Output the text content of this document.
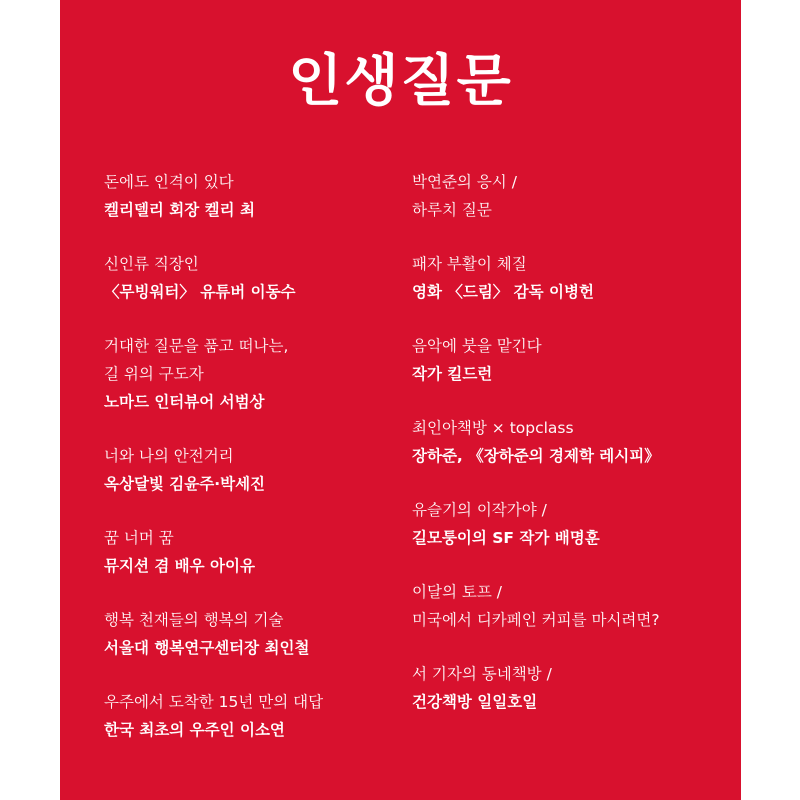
인생질문
돈에도 인격이 있다
켈리델리 회장 켈리 최
신인류 직장인
〈무빙워터〉 유튜버 이동수
거대한 질문을 품고 떠나는,
길 위의 구도자
노마드 인터뷰어 서범상
너와 나의 안전거리
옥상달빛 김윤주·박세진
꿈 너머 꿈
뮤지션 겸 배우 아이유
행복 천재들의 행복의 기술
서울대 행복연구센터장 최인철
우주에서 도착한 15년 만의 대답
한국 최초의 우주인 이소연
박연준의 응시 /
하루치 질문
패자 부활이 체질
영화 〈드림〉 감독 이병헌
음악에 붓을 맡긴다
작가 킬드런
최인아책방 × topclass
장하준, 《장하준의 경제학 레시피》
유슬기의 이작가야 /
길모퉁이의 SF 작가 배명훈
이달의 토프 /
미국에서 디카페인 커피를 마시려면?
서 기자의 동네책방 /
건강책방 일일호일
